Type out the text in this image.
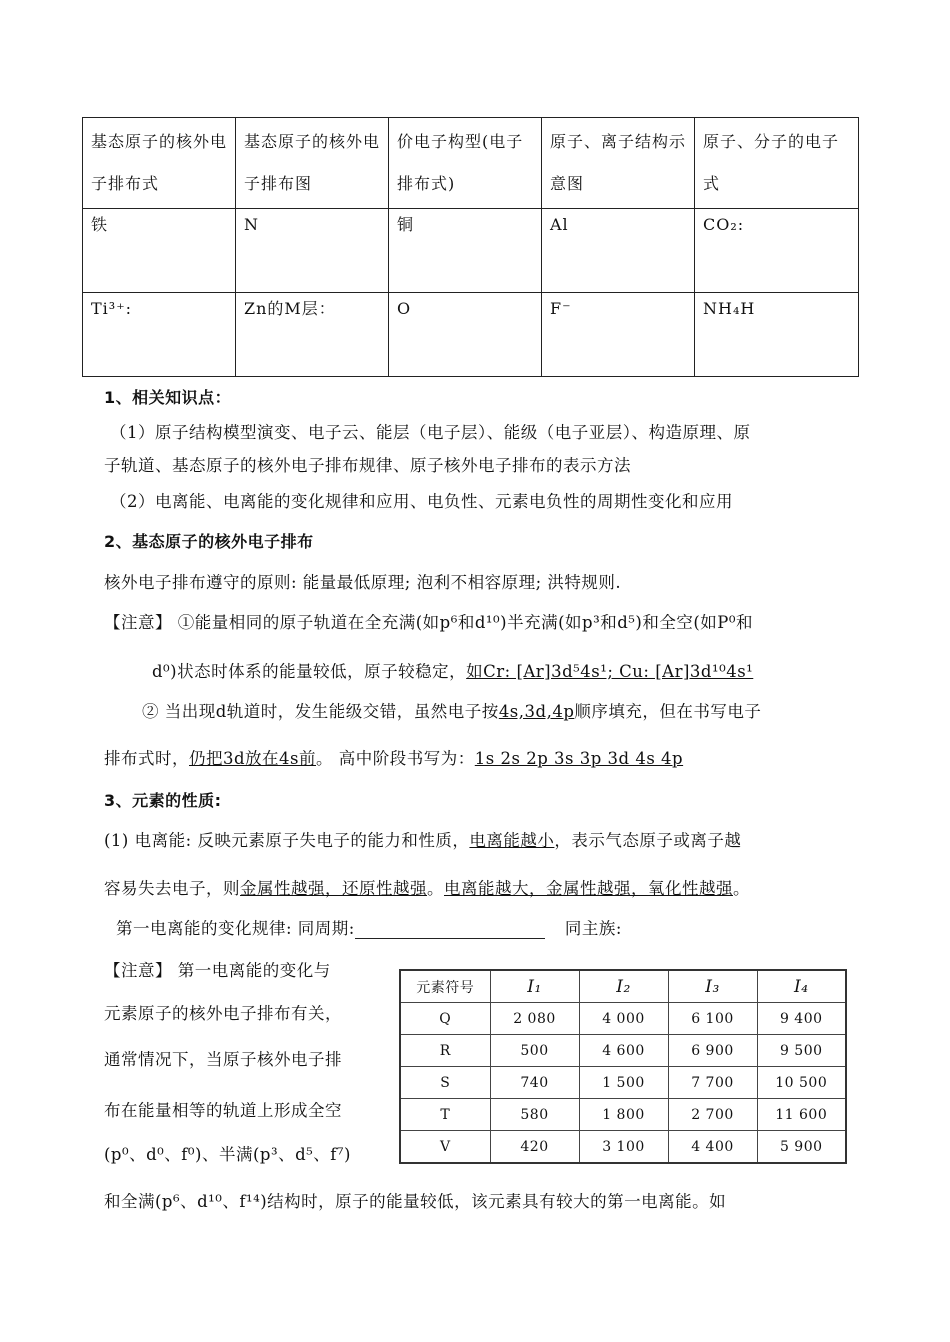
基态原子的核外电子排布式	基态原子的核外电子排布图	价电子构型(电子排布式)	原子、离子结构示意图	原子、分子的电子式
铁	N	铜	Al	CO₂:
Ti³⁺:	Zn的M层：	O	F⁻	NH₄H
1、相关知识点：
（1）原子结构模型演变、电子云、能层（电子层）、能级（电子亚层）、构造原理、原
子轨道、基态原子的核外电子排布规律、原子核外电子排布的表示方法
（2）电离能、电离能的变化规律和应用、电负性、元素电负性的周期性变化和应用
2、基态原子的核外电子排布
核外电子排布遵守的原则: 能量最低原理; 泡利不相容原理; 洪特规则.
【注意】 ①能量相同的原子轨道在全充满(如p⁶和d¹⁰)半充满(如p³和d⁵)和全空(如P⁰和
d⁰)状态时体系的能量较低，原子较稳定，如Cr: [Ar]3d⁵4s¹; Cu: [Ar]3d¹⁰4s¹
② 当出现d轨道时，发生能级交错，虽然电子按4s,3d,4p顺序填充，但在书写电子
排布式时，仍把3d放在4s前。 高中阶段书写为：1s 2s 2p 3s 3p 3d 4s 4p
3、元素的性质:
(1) 电离能: 反映元素原子失电子的能力和性质，电离能越小，表示气态原子或离子越
容易失去电子，则金属性越强，还原性越强。电离能越大，金属性越强，氧化性越强。
第一电离能的变化规律: 同周期:	同主族:
【注意】 第一电离能的变化与
元素原子的核外电子排布有关，
通常情况下，当原子核外电子排
布在能量相等的轨道上形成全空
(p⁰、d⁰、f⁰)、半满(p³、d⁵、f⁷)
和全满(p⁶、d¹⁰、f¹⁴)结构时，原子的能量较低，该元素具有较大的第一电离能。如
元素符号	I₁	I₂	I₃	I₄
Q	2 080	4 000	6 100	9 400
R	500	4 600	6 900	9 500
S	740	1 500	7 700	10 500
T	580	1 800	2 700	11 600
V	420	3 100	4 400	5 900
